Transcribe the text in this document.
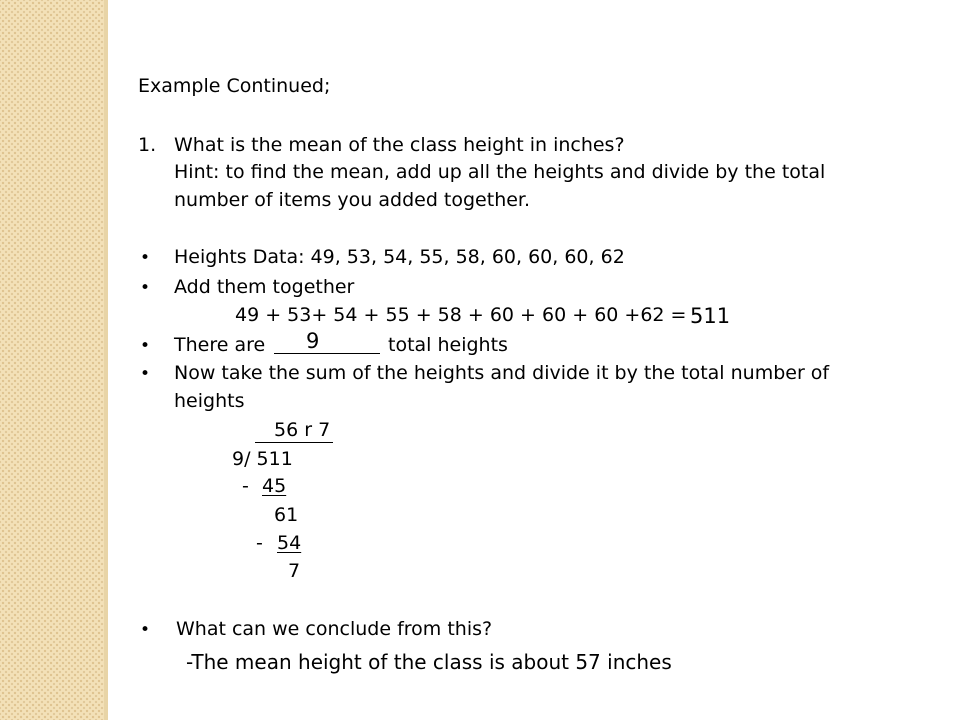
Example Continued;
1. What is the mean of the class height in inches?
Hint: to find the mean, add up all the heights and divide by the total
number of items you added together.
• Heights Data: 49, 53, 54, 55, 58, 60, 60, 60, 62
• Add them together
49 + 53+ 54 + 55 + 58 + 60 + 60 + 60 +62 = 511
• There are 9	total heights
• Now take the sum of the heights and divide it by the total number of
heights
56 r 7
9/ 511
- 45
61
- 54
7
• What can we conclude from this?
-The mean height of the class is about 57 inches
